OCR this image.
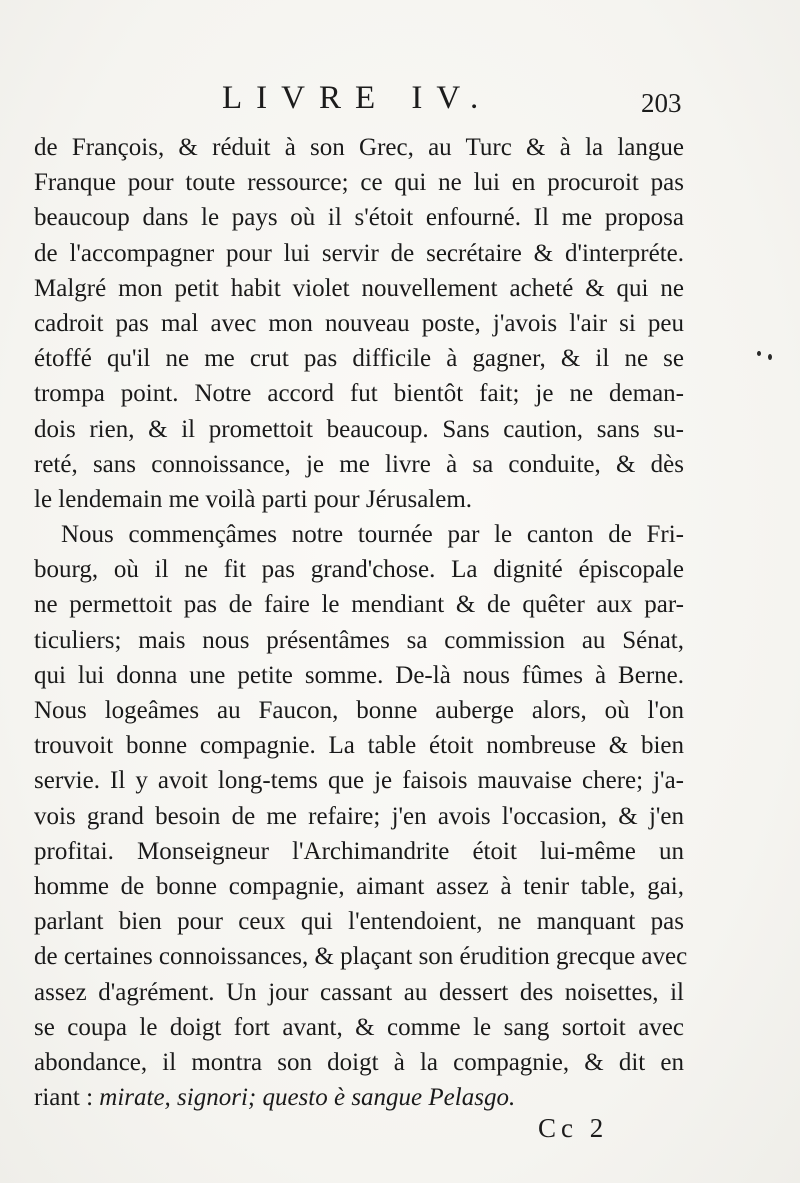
LIVRE IV.	203
de François, & réduit à son Grec, au Turc & à la langue
Franque pour toute ressource; ce qui ne lui en procuroit pas
beaucoup dans le pays où il s'étoit enfourné. Il me proposa
de l'accompagner pour lui servir de secrétaire & d'interpréte.
Malgré mon petit habit violet nouvellement acheté & qui ne
cadroit pas mal avec mon nouveau poste, j'avois l'air si peu
étoffé qu'il ne me crut pas difficile à gagner, & il ne se
trompa point. Notre accord fut bientôt fait; je ne deman-
dois rien, & il promettoit beaucoup. Sans caution, sans su-
reté, sans connoissance, je me livre à sa conduite, & dès
le lendemain me voilà parti pour Jérusalem.
Nous commençâmes notre tournée par le canton de Fri-
bourg, où il ne fit pas grand'chose. La dignité épiscopale
ne permettoit pas de faire le mendiant & de quêter aux par-
ticuliers; mais nous présentâmes sa commission au Sénat,
qui lui donna une petite somme. De-là nous fûmes à Berne.
Nous logeâmes au Faucon, bonne auberge alors, où l'on
trouvoit bonne compagnie. La table étoit nombreuse & bien
servie. Il y avoit long-tems que je faisois mauvaise chere; j'a-
vois grand besoin de me refaire; j'en avois l'occasion, & j'en
profitai. Monseigneur l'Archimandrite étoit lui-même un
homme de bonne compagnie, aimant assez à tenir table, gai,
parlant bien pour ceux qui l'entendoient, ne manquant pas
de certaines connoissances, & plaçant son érudition grecque avec
assez d'agrément. Un jour cassant au dessert des noisettes, il
se coupa le doigt fort avant, & comme le sang sortoit avec
abondance, il montra son doigt à la compagnie, & dit en
riant : mirate, signori; questo è sangue Pelasgo.
Cc 2
